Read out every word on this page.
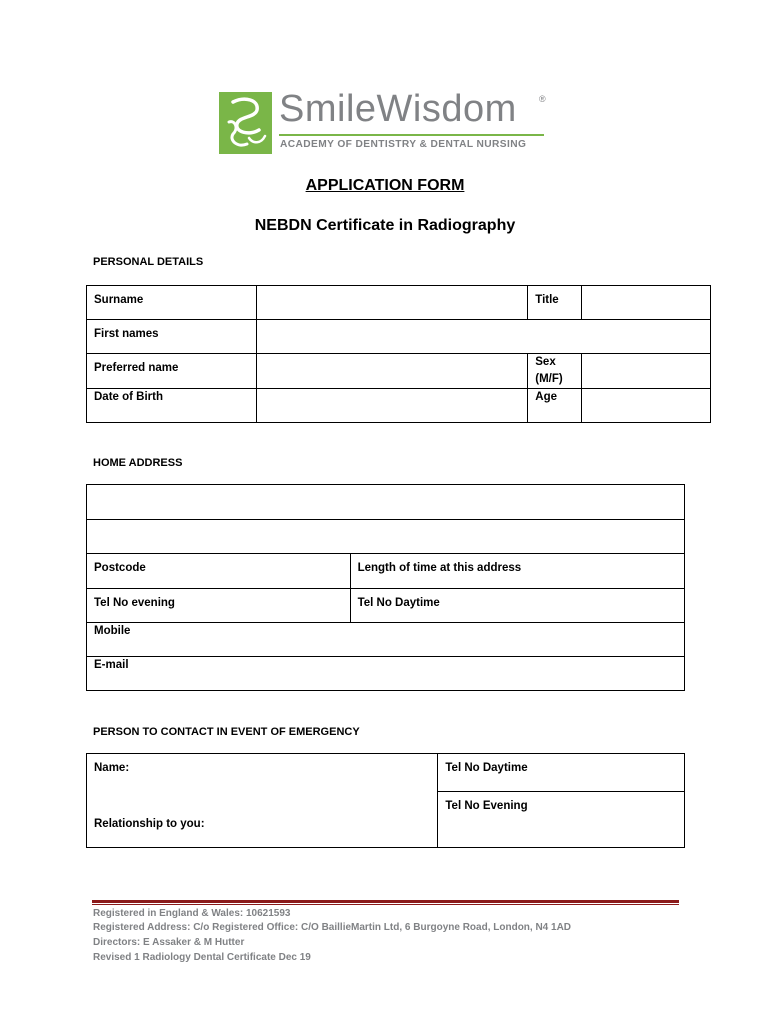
SmileWisdom ®
ACADEMY OF DENTISTRY & DENTAL NURSING
APPLICATION FORM
NEBDN Certificate in Radiography
PERSONAL DETAILS
Surname		Title	

First names			

Preferred name		Sex (M/F)	

Date of Birth		Age	

HOME ADDRESS

Postcode	Length of time at this address

Tel No evening	Tel No Daytime

Mobile	

E-mail	
PERSON TO CONTACT IN EVENT OF EMERGENCY
Name:
Relationship to you:

Tel No Daytime

Tel No Evening
Registered in England & Wales: 10621593
Registered Address: C/o Registered Office: C/O BaillieMartin Ltd, 6 Burgoyne Road, London, N4 1AD
Directors: E Assaker & M Hutter
Revised 1 Radiology Dental Certificate Dec 19
